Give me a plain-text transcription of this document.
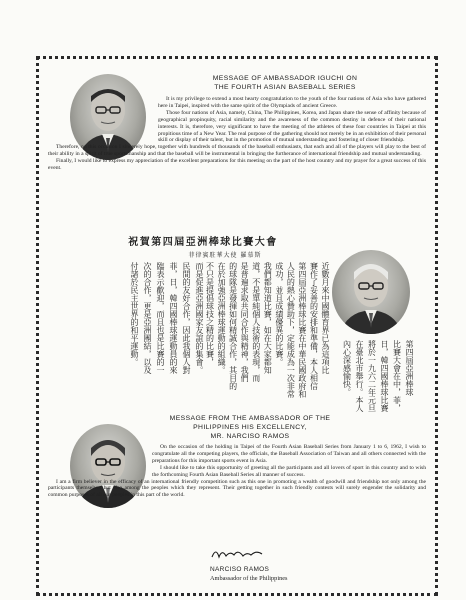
MESSAGE OF AMBASSADOR IGUCHI ON
THE FOURTH ASIAN BASEBALL SERIES

It is my privilege to extend a most hearty congratulation to the youth of the four nations of Asia who have gathered here in Taipei, inspired with the same spirit of the Olympiads of ancient Greece.

Those four nations of Asia, namely, China, The Philippines, Korea, and Japan share the sense of affinity because of geographical propinquity, racial similarity and the awareness of the common destiny in defence of their national interests. It is, therefore, very significant to have the meeting of the athletes of these four countries in Taipei at this propitious time of a New Year. The real purpose of the gathering should not merely be in an exhibition of their personal skill or display of their talent, but in the promotion of mutual understanding and fostering of closer friendship.

Therefore, on this occasion I sincerely hope, together with hundreds of thousands of the baseball enthusiasts, that each and all of the players will play to the best of their ability in a spirit of true sportsmanship and that the baseball will be instrumental in bringing the furtherance of international friendship and mutual understanding.

Finally, I would like to express my appreciation of the excellent preparations for this meeting on the part of the host country and my prayer for a great success of this event.

祝賀第四屆亞洲棒球比賽大會
菲律賓駐華大使 羅慕斯
近數月來中國體育界已為這項比
賽作了妥善的安排和準備，本人相信
第四屆亞洲棒球比賽在中華民國政府和
人民的熱心贊助下，定能成為一次非常
成功，並且成績優異的比賽。
我們都知道比賽，如在大家都知
道，不是單純個人技術的表現，而
是普遍求取共同合作與精神，我們
的球隊是發揮如何精誠合作，其目的
在於加強亞洲棒球運動的組織。
不只是提倡球技之精的比賽，
而是促進亞洲國家友誼的集會。
民間的友好合作，因此我個人對
菲，日，韓四國棒球運動員的來
臨表示歡迎，而且也是比賽的一
次的合作，更是亞洲團結，以及
付諸於民主世界的和平運動。
第四屆亞洲棒球
比賽大會在中，菲，
日，韓四國棒球比賽
將於一九六二年元旦
在臺北市舉行。本人
內心深感愉快。
MESSAGE FROM THE AMBASSADOR OF THE
PHILIPPINES HIS EXCELLENCY,
MR. NARCISO RAMOS

On the occasion of the holding in Taipei of the Fourth Asian Baseball Series from January 1 to 6, 1962, I wish to congratulate all the competing players, the officials, the Baseball Association of Taiwan and all others connected with the preparations for this important sports event in Asia.

I should like to take this opportunity of greeting all the participants and all lovers of sport in this country and to wish the forthcoming Fourth Asian Baseball Series all manner of success.

I am a firm believer in the efficacy of an international friendly competition such as this one in promoting a wealth of goodwill and friendship not only among the participants themselves but also among the peoples which they represent. Their getting together in such friendly contests will surely engender the solidarity and common purposes of all our peoples in this part of the world.

NARCISO RAMOS
Ambassador of the Philippines
